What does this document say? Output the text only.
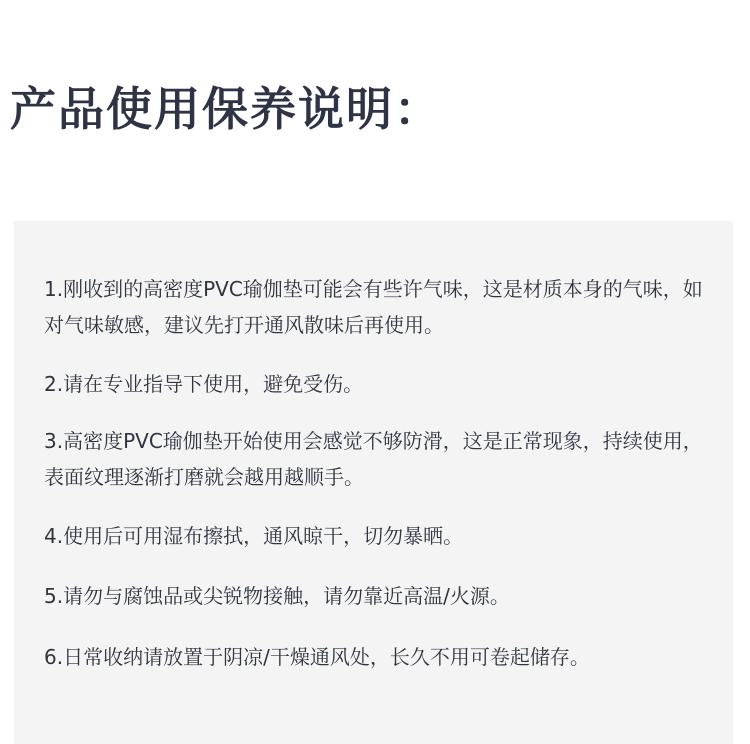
产品使用保养说明：

1.刚收到的高密度PVC瑜伽垫可能会有些许气味，这是材质本身的气味，如对气味敏感，建议先打开通风散味后再使用。

2.请在专业指导下使用，避免受伤。

3.高密度PVC瑜伽垫开始使用会感觉不够防滑，这是正常现象，持续使用，表面纹理逐渐打磨就会越用越顺手。

4.使用后可用湿布擦拭，通风晾干，切勿暴晒。

5.请勿与腐蚀品或尖锐物接触，请勿靠近高温/火源。

6.日常收纳请放置于阴凉/干燥通风处，长久不用可卷起储存。
